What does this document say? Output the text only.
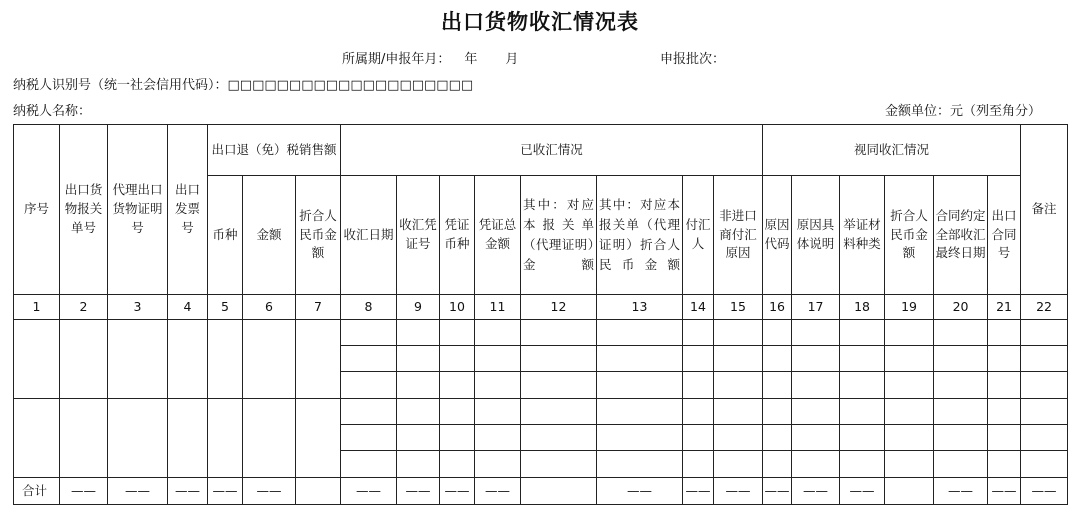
出口货物收汇情况表
所属期/申报年月： 年 月	申报批次：
纳税人识别号（统一社会信用代码）：□□□□□□□□□□□□□□□□□□□□
纳税人名称：	金额单位：元（列至角分）
序号	出口货物报关单号	代理出口货物证明号	出口发票号	出口退（免）税销售额			已收汇情况								视同收汇情况						备注
				币种	金额	折合人民币金额	收汇日期	收汇凭证号	凭证币种	凭证总金额	其中：对应本报关单（代理证明）金额	其中：对应本报关单（代理证明）折合人民币金额	付汇人	非进口商付汇原因	原因代码	原因具体说明	举证材料种类	折合人民币金额	合同约定全部收汇最终日期	出口合同号	
1	2	3	4	5	6	7	8	9	10	11	12	13	14	15	16	17	18	19	20	21	22

合计	——	——	——	——	——		——	——	——	——		——	——	——	——	——	——		——	——	——
